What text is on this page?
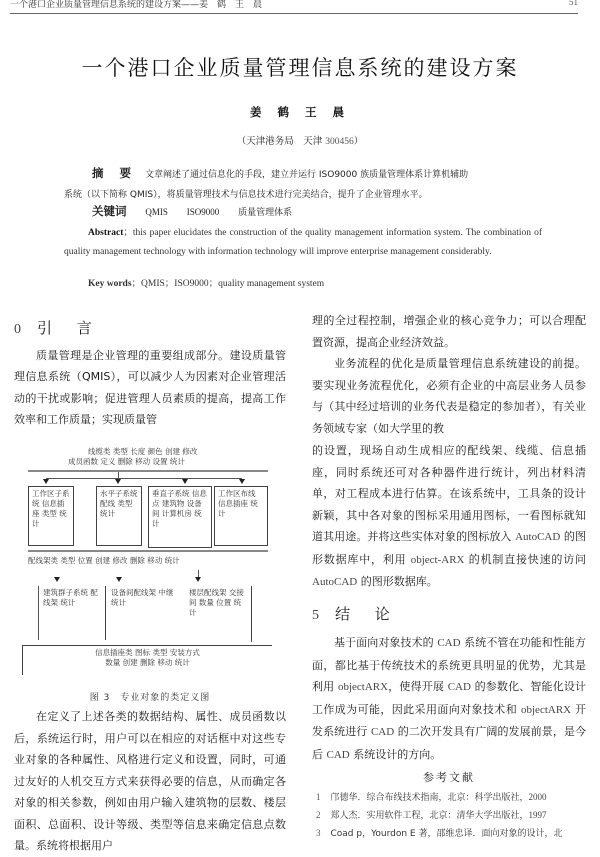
一个港口企业质量管理信息系统的建设方案——姜　鹤　王　晨	51
一个港口企业质量管理信息系统的建设方案
姜 鹤 王 晨
（天津港务局　天津 300456）
摘 要 文章阐述了通过信息化的手段，建立并运行 ISO9000 族质量管理体系计算机辅助
系统（以下简称 QMIS），将质量管理技术与信息技术进行完美结合，提升了企业管理水平。
关键词 QMIS ISO9000 质量管理体系
Abstract；this paper elucidates the construction of the quality management information system. The combination of quality management technology with information technology will improve enterprise management considerably.
Key words；QMIS；ISO9000；quality management system
0 引 言
质量管理是企业管理的重要组成部分。建设质量管理信息系统（QMIS），可以减少人为因素对企业管理活动的干扰或影响；促进管理人员素质的提高，提高工作效率和工作质量；实现质量管
理的全过程控制，增强企业的核心竞争力；可以合理配置资源，提高企业经济效益。
业务流程的优化是质量管理信息系统建设的前提。要实现业务流程优化，必须有企业的中高层业务人员参与（其中经过培训的业务代表是稳定的参加者），有关业务领域专家（如大学里的教
线缆类 类型 长度 颜色 创建 修改
成员函数 定义 删除 移动 设置 统计
工作区子系统 信息插座 类型 统计
水平子系统 配线 类型 统计
垂直子系统 信息点 建筑物 设备间 计算机房 统计
工作区布线 信息插座 统计
配线架类 类型 位置 创建 修改 删除 移动 统计
建筑群子系统 配线架 统计
设备间配线架 中继 统计
楼层配线架 交接间 数量 位置 统计
信息插座类 图标 类型 安装方式
数量 创建 删除 移动 统计
图 3　专业对象的类定义图
在定义了上述各类的数据结构、属性、成员函数以后，系统运行时，用户可以在相应的对话框中对这些专业对象的各种属性、风格进行定义和设置，同时，可通过友好的人机交互方式来获得必要的信息，从而确定各对象的相关参数，例如由用户输入建筑物的层数、楼层面积、总面积、设计等级、类型等信息来确定信息点数量。系统将根据用户
的设置，现场自动生成相应的配线架、线缆、信息插座，同时系统还可对各种器件进行统计，列出材料清单，对工程成本进行估算。在该系统中，工具条的设计新颖，其中各对象的图标采用通用图标，一看图标就知道其用途。并将这些实体对象的图标放入 AutoCAD 的图形数据库中，利用 object-ARX 的机制直接快速的访问 AutoCAD 的图形数据库。
5 结 论
基于面向对象技术的 CAD 系统不管在功能和性能方面，都比基于传统技术的系统更具明显的优势，尤其是利用 objectARX，使得开展 CAD 的参数化、智能化设计工作成为可能，因此采用面向对象技术和 objectARX 开发系统进行 CAD 的二次开发具有广阔的发展前景，是今后 CAD 系统设计的方向。
参考文献
1 邝德华．综合布线技术指南，北京：科学出版社，2000
2 郑人杰．实用软件工程，北京：清华大学出版社，1997
3 Coad p，Yourdon E 著，邵维忠译．面向对象的设计，北
